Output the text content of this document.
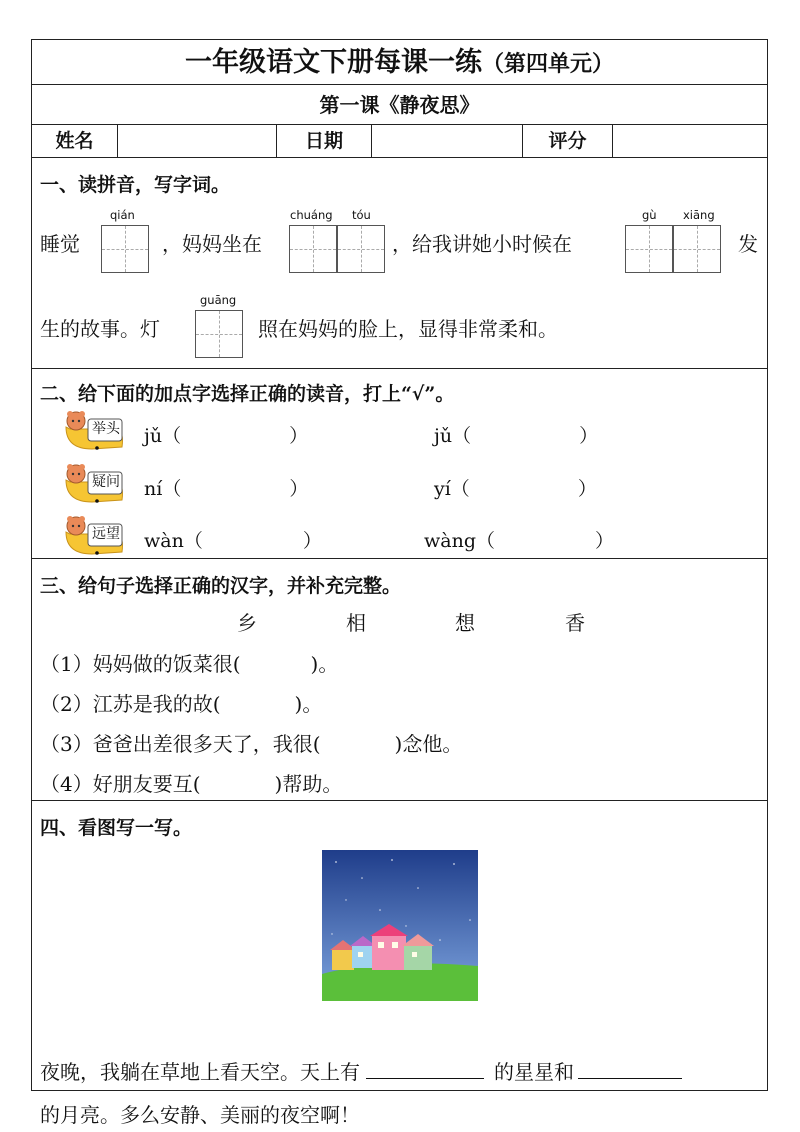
一年级语文下册每课一练（第四单元）
第一课《静夜思》
姓名	日期	评分
一、读拼音，写字词。
睡觉
qián
，妈妈坐在
chuáng tóu
，给我讲她小时候在
gù xiāng
发
生的故事。灯
guāng
照在妈妈的脸上，显得非常柔和。
二、给下面的加点字选择正确的读音，打上“√”。
举头 jǔ（	）	jǔ（	）
疑问 ní（	）	yí（	）
远望 wàn（	）	wàng（	）
三、给句子选择正确的汉字，并补充完整。
乡	相	想	香
（1）妈妈做的饭菜很(	)。
（2）江苏是我的故(	)。
（3）爸爸出差很多天了，我很(	)念他。
（4）好朋友要互(	)帮助。
四、看图写一写。
夜晚，我躺在草地上看天空。天上有	的星星和
的月亮。多么安静、美丽的夜空啊！
